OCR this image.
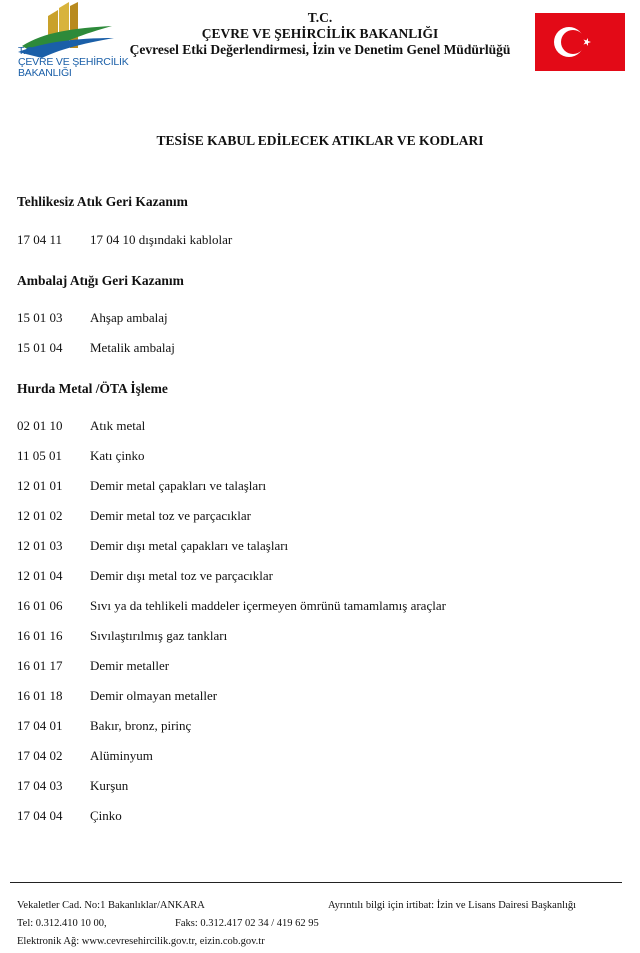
T.C.
ÇEVRE VE ŞEHİRCİLİK
BAKANLIĞI
T.C.
ÇEVRE VE ŞEHİRCİLİK BAKANLIĞI
Çevresel Etki Değerlendirmesi, İzin ve Denetim Genel Müdürlüğü
TESİSE KABUL EDİLECEK ATIKLAR VE KODLARI
Tehlikesiz Atık Geri Kazanım
17 04 11 17 04 10 dışındaki kablolar
Ambalaj Atığı Geri Kazanım
15 01 03 Ahşap ambalaj
15 01 04 Metalik ambalaj
Hurda Metal /ÖTA İşleme
02 01 10 Atık metal
11 05 01 Katı çinko
12 01 01 Demir metal çapakları ve talaşları
12 01 02 Demir metal toz ve parçacıklar
12 01 03 Demir dışı metal çapakları ve talaşları
12 01 04 Demir dışı metal toz ve parçacıklar
16 01 06 Sıvı ya da tehlikeli maddeler içermeyen ömrünü tamamlamış araçlar
16 01 16 Sıvılaştırılmış gaz tankları
16 01 17 Demir metaller
16 01 18 Demir olmayan metaller
17 04 01 Bakır, bronz, pirinç
17 04 02 Alüminyum
17 04 03 Kurşun
17 04 04 Çinko
Vekaletler Cad. No:1 Bakanlıklar/ANKARA	Ayrıntılı bilgi için irtibat: İzin ve Lisans Dairesi Başkanlığı
Tel: 0.312.410 10 00,	Faks: 0.312.417 02 34 / 419 62 95
Elektronik Ağ: www.cevresehircilik.gov.tr, eizin.cob.gov.tr
